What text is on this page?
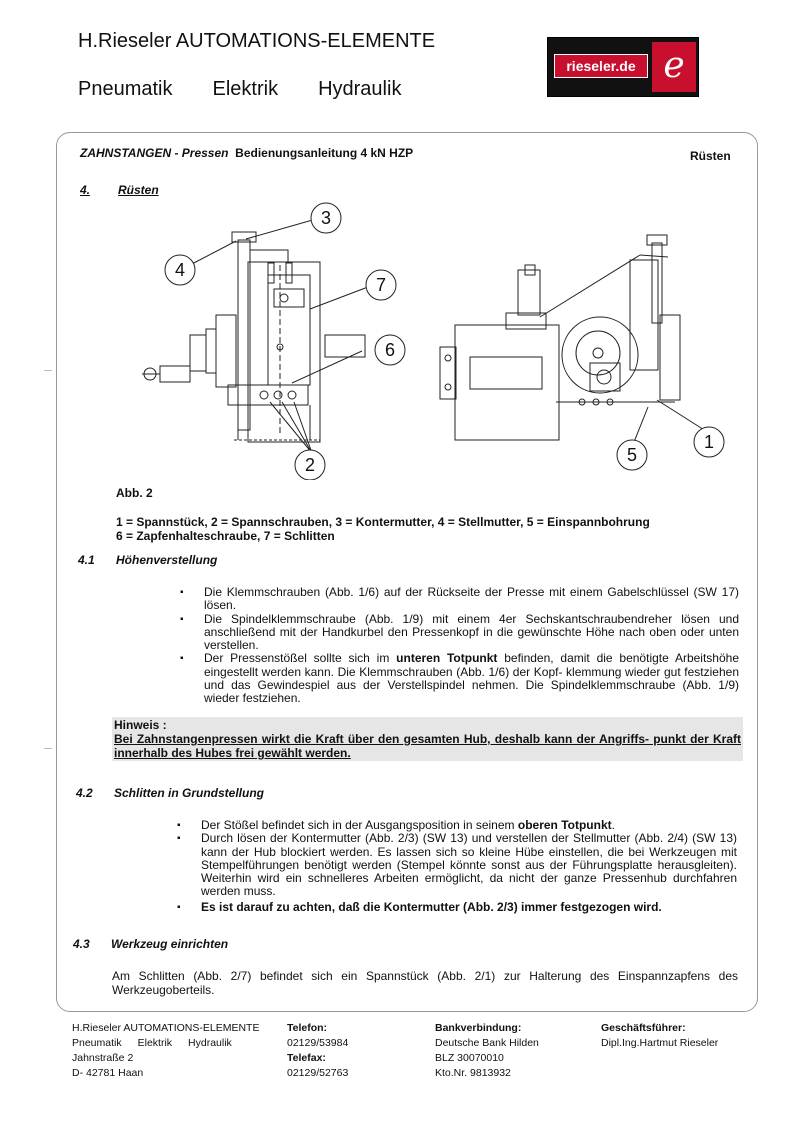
H.Rieseler AUTOMATIONS-ELEMENTE
Pneumatik Elektrik Hydraulik
rieseler.de e
ZAHNSTANGEN - Pressen Bedienungsanleitung 4 kN HZP	Rüsten
4. Rüsten
1
2
3
4
5
6
7
Abb. 2
1 = Spannstück, 2 = Spannschrauben, 3 = Kontermutter, 4 = Stellmutter, 5 = Einspannbohrung
6 = Zapfenhalteschraube, 7 = Schlitten
4.1 Höhenverstellung
▪ Die Klemmschrauben (Abb. 1/6) auf der Rückseite der Presse mit einem Gabelschlüssel (SW 17) lösen.
▪ Die Spindelklemmschraube (Abb. 1/9) mit einem 4er Sechskantschraubendreher lösen und anschließend mit der Handkurbel den Pressenkopf in die gewünschte Höhe nach oben oder unten verstellen.
▪ Der Pressenstößel sollte sich im unteren Totpunkt befinden, damit die benötigte Arbeitshöhe eingestellt werden kann. Die Klemmschrauben (Abb. 1/6) der Kopf- klemmung wieder gut festziehen und das Gewindespiel aus der Verstellspindel nehmen. Die Spindelklemmschraube (Abb. 1/9) wieder festziehen.
Hinweis :
Bei Zahnstangenpressen wirkt die Kraft über den gesamten Hub, deshalb kann der Angriffs- punkt der Kraft innerhalb des Hubes frei gewählt werden.
4.2 Schlitten in Grundstellung
▪ Der Stößel befindet sich in der Ausgangsposition in seinem oberen Totpunkt.
▪ Durch lösen der Kontermutter (Abb. 2/3) (SW 13) und verstellen der Stellmutter (Abb. 2/4) (SW 13) kann der Hub blockiert werden. Es lassen sich so kleine Hübe einstellen, die bei Werkzeugen mit Stempelführungen benötigt werden (Stempel könnte sonst aus der Führungsplatte herausgleiten). Weiterhin wird ein schnelleres Arbeiten ermöglicht, da nicht der ganze Pressenhub durchfahren werden muss.
▪ Es ist darauf zu achten, daß die Kontermutter (Abb. 2/3) immer festgezogen wird.
4.3 Werkzeug einrichten
Am Schlitten (Abb. 2/7) befindet sich ein Spannstück (Abb. 2/1) zur Halterung des Einspannzapfens des Werkzeugoberteils.
H.Rieseler AUTOMATIONS-ELEMENTE
Pneumatik Elektrik Hydraulik
Jahnstraße 2
D- 42781 Haan
Telefon:
02129/53984
Telefax:
02129/52763
Bankverbindung:
Deutsche Bank Hilden
BLZ 30070010
Kto.Nr. 9813932
Geschäftsführer:
Dipl.Ing.Hartmut Rieseler
